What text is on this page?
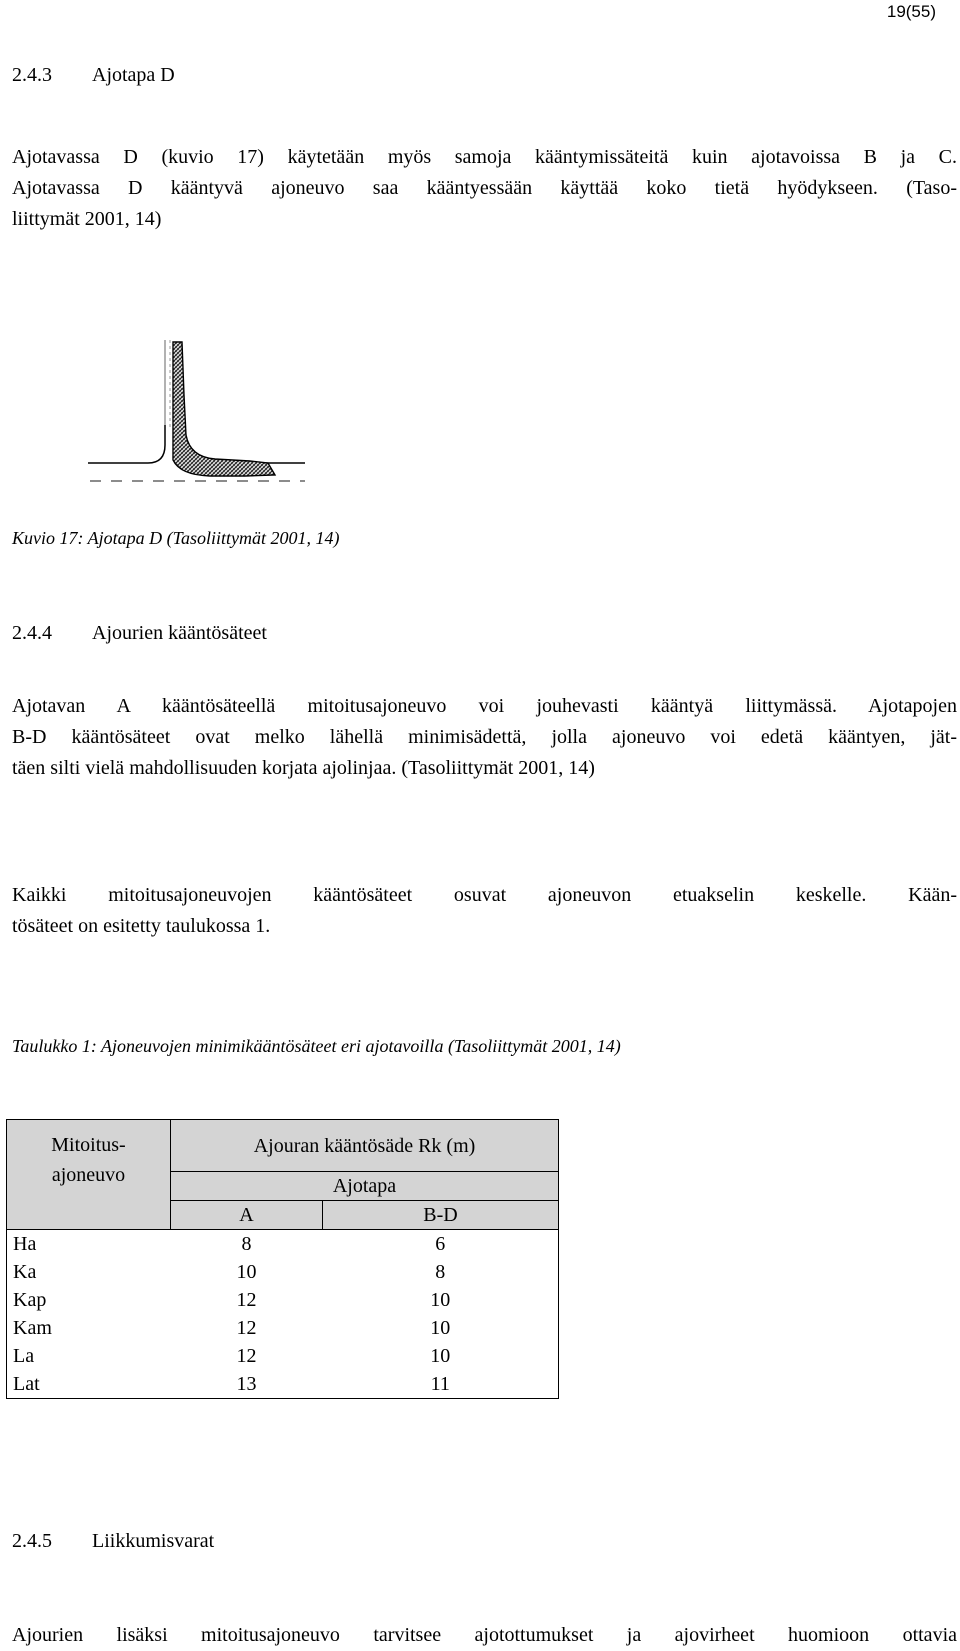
19(55)
2.4.3 Ajotapa D
Ajotavassa D (kuvio 17) käytetään myös samoja kääntymissäteitä kuin ajotavoissa B ja C.
Ajotavassa D kääntyvä ajoneuvo saa kääntyessään käyttää koko tietä hyödykseen. (Taso-
liittymät 2001, 14)
Kuvio 17: Ajotapa D (Tasoliittymät 2001, 14)
2.4.4 Ajourien kääntösäteet
Ajotavan A kääntösäteellä mitoitusajoneuvo voi jouhevasti kääntyä liittymässä. Ajotapojen
B-D kääntösäteet ovat melko lähellä minimisädettä, jolla ajoneuvo voi edetä kääntyen, jät-
täen silti vielä mahdollisuuden korjata ajolinjaa. (Tasoliittymät 2001, 14)
Kaikki mitoitusajoneuvojen kääntösäteet osuvat ajoneuvon etuakselin keskelle. Kään-
tösäteet on esitetty taulukossa 1.
Taulukko 1: Ajoneuvojen minimikääntösäteet eri ajotavoilla (Tasoliittymät 2001, 14)
Mitoitus-
ajoneuvo	Ajouran kääntösäde Rk (m)	
	Ajotapa	
	A	B-D
Ha	8	6
Ka	10	8
Kap	12	10
Kam	12	10
La	12	10
Lat	13	11
2.4.5 Liikkumisvarat
Ajourien lisäksi mitoitusajoneuvo tarvitsee ajotottumukset ja ajovirheet huomioon ottavia
